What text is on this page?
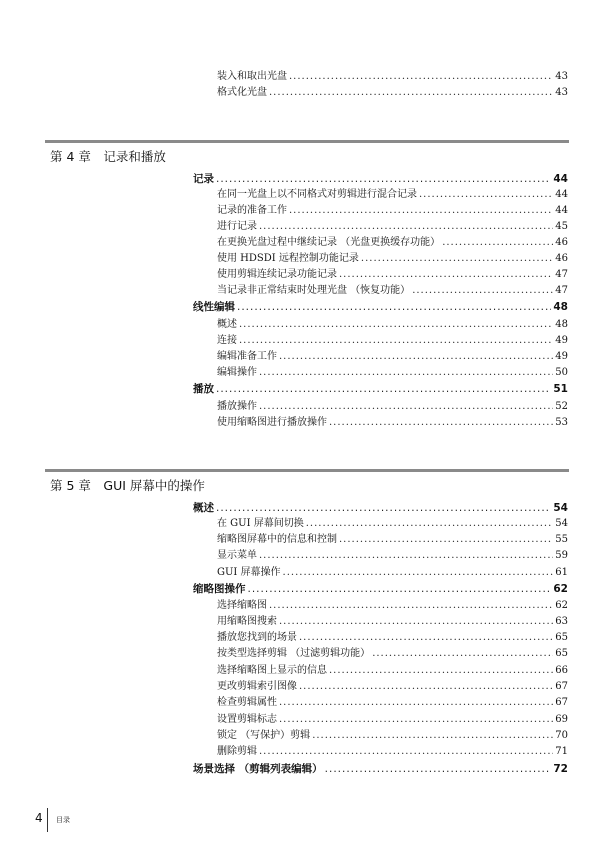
装入和取出光盘 .....	43
格式化光盘 .....	43
第 4 章　记录和播放
记录 .....	44
在同一光盘上以不同格式对剪辑进行混合记录 .....	44
记录的准备工作 .....	44
进行记录 .....	45
在更换光盘过程中继续记录 （光盘更换缓存功能） .....	46
使用 HDSDI 远程控制功能记录 .....	46
使用剪辑连续记录功能记录 .....	47
当记录非正常结束时处理光盘 （恢复功能） .....	47
线性编辑 .....	48
概述 .....	48
连接 .....	49
编辑准备工作 .....	49
编辑操作 .....	50
播放 .....	51
播放操作 .....	52
使用缩略图进行播放操作 .....	53
第 5 章　GUI 屏幕中的操作
概述 .....	54
在 GUI 屏幕间切换 .....	54
缩略图屏幕中的信息和控制 .....	55
显示菜单 .....	59
GUI 屏幕操作 .....	61
缩略图操作 .....	62
选择缩略图 .....	62
用缩略图搜索 .....	63
播放您找到的场景 .....	65
按类型选择剪辑 （过滤剪辑功能） .....	65
选择缩略图上显示的信息 .....	66
更改剪辑索引图像 .....	67
检查剪辑属性 .....	67
设置剪辑标志 .....	69
锁定 （写保护）剪辑 .....	70
删除剪辑 .....	71
场景选择 （剪辑列表编辑） .....	72
4 目录
